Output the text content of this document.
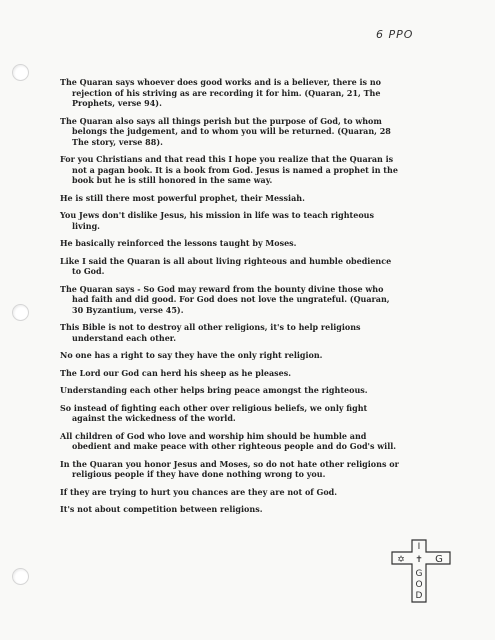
6 PPO

The Quaran says whoever does good works and is a believer, there is no rejection of his striving as are recording it for him. (Quaran, 21, The Prophets, verse 94).

The Quaran also says all things perish but the purpose of God, to whom belongs the judgement, and to whom you will be returned. (Quaran, 28 The story, verse 88).

For you Christians and that read this I hope you realize that the Quaran is not a pagan book. It is a book from God. Jesus is named a prophet in the book but he is still honored in the same way.

He is still there most powerful prophet, their Messiah.

You Jews don't dislike Jesus, his mission in life was to teach righteous living.

He basically reinforced the lessons taught by Moses.

Like I said the Quaran is all about living righteous and humble obedience to God.

The Quaran says - So God may reward from the bounty divine those who had faith and did good. For God does not love the ungrateful. (Quaran, 30 Byzantium, verse 45).

This Bible is not to destroy all other religions, it's to help religions understand each other.

No one has a right to say they have the only right religion.

The Lord our God can herd his sheep as he pleases.

Understanding each other helps bring peace amongst the righteous.

So instead of fighting each other over religious beliefs, we only fight against the wickedness of the world.

All children of God who love and worship him should be humble and obedient and make peace with other righteous people and do God's will.

In the Quaran you honor Jesus and Moses, so do not hate other religions or religious people if they have done nothing wrong to you.

If they are trying to hurt you chances are they are not of God.

It's not about competition between religions.

I
✡ ✝ G
G
O
D
